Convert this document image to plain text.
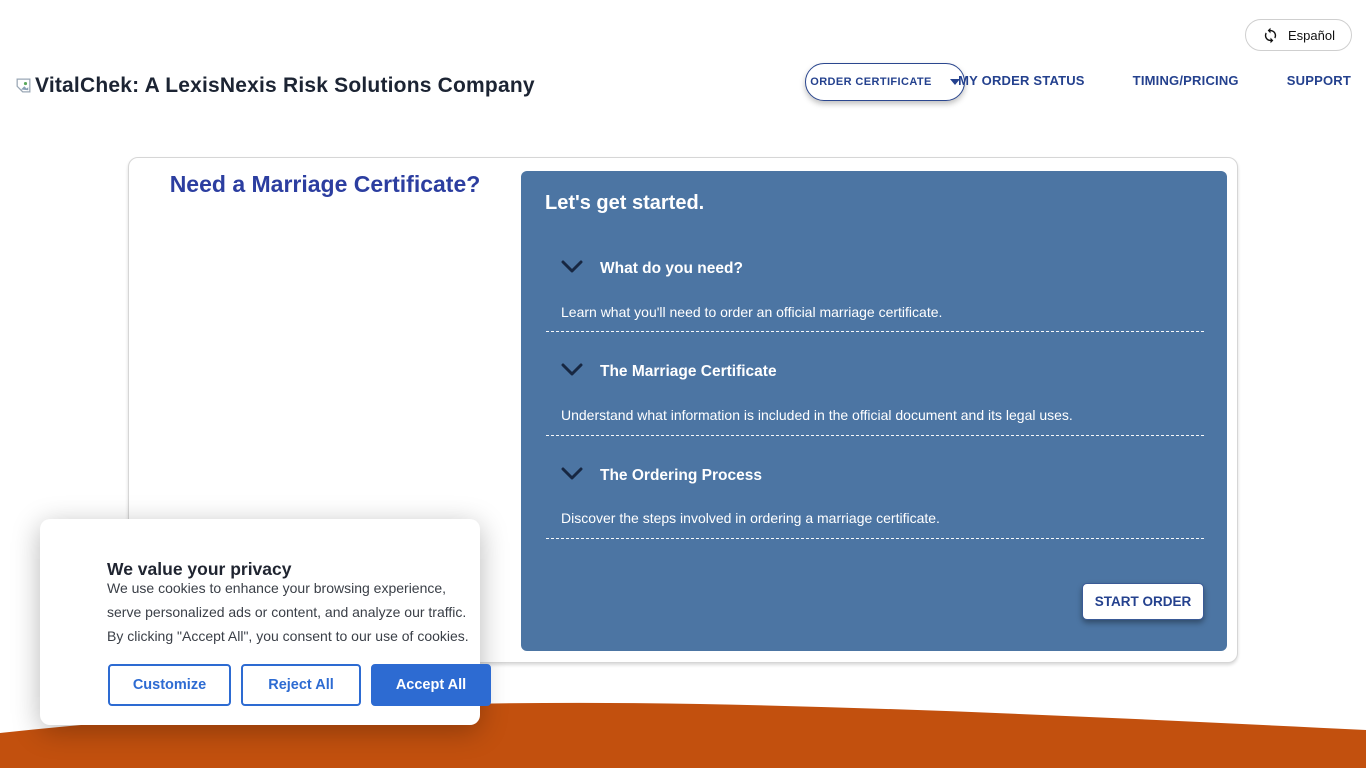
Español
VitalChek: A LexisNexis Risk Solutions Company	ORDER CERTIFICATE MY ORDER STATUS	TIMING/PRICING	SUPPORT
Need a Marriage Certificate?
Let's get started.
What do you need?
Learn what you'll need to order an official marriage certificate.
The Marriage Certificate
Understand what information is included in the official document and its legal uses.
The Ordering Process
Discover the steps involved in ordering a marriage certificate.
START ORDER
We value your privacy
We use cookies to enhance your browsing experience, serve personalized ads or content, and analyze our traffic. By clicking "Accept All", you consent to our use of cookies.
Customize	Reject All	Accept All
